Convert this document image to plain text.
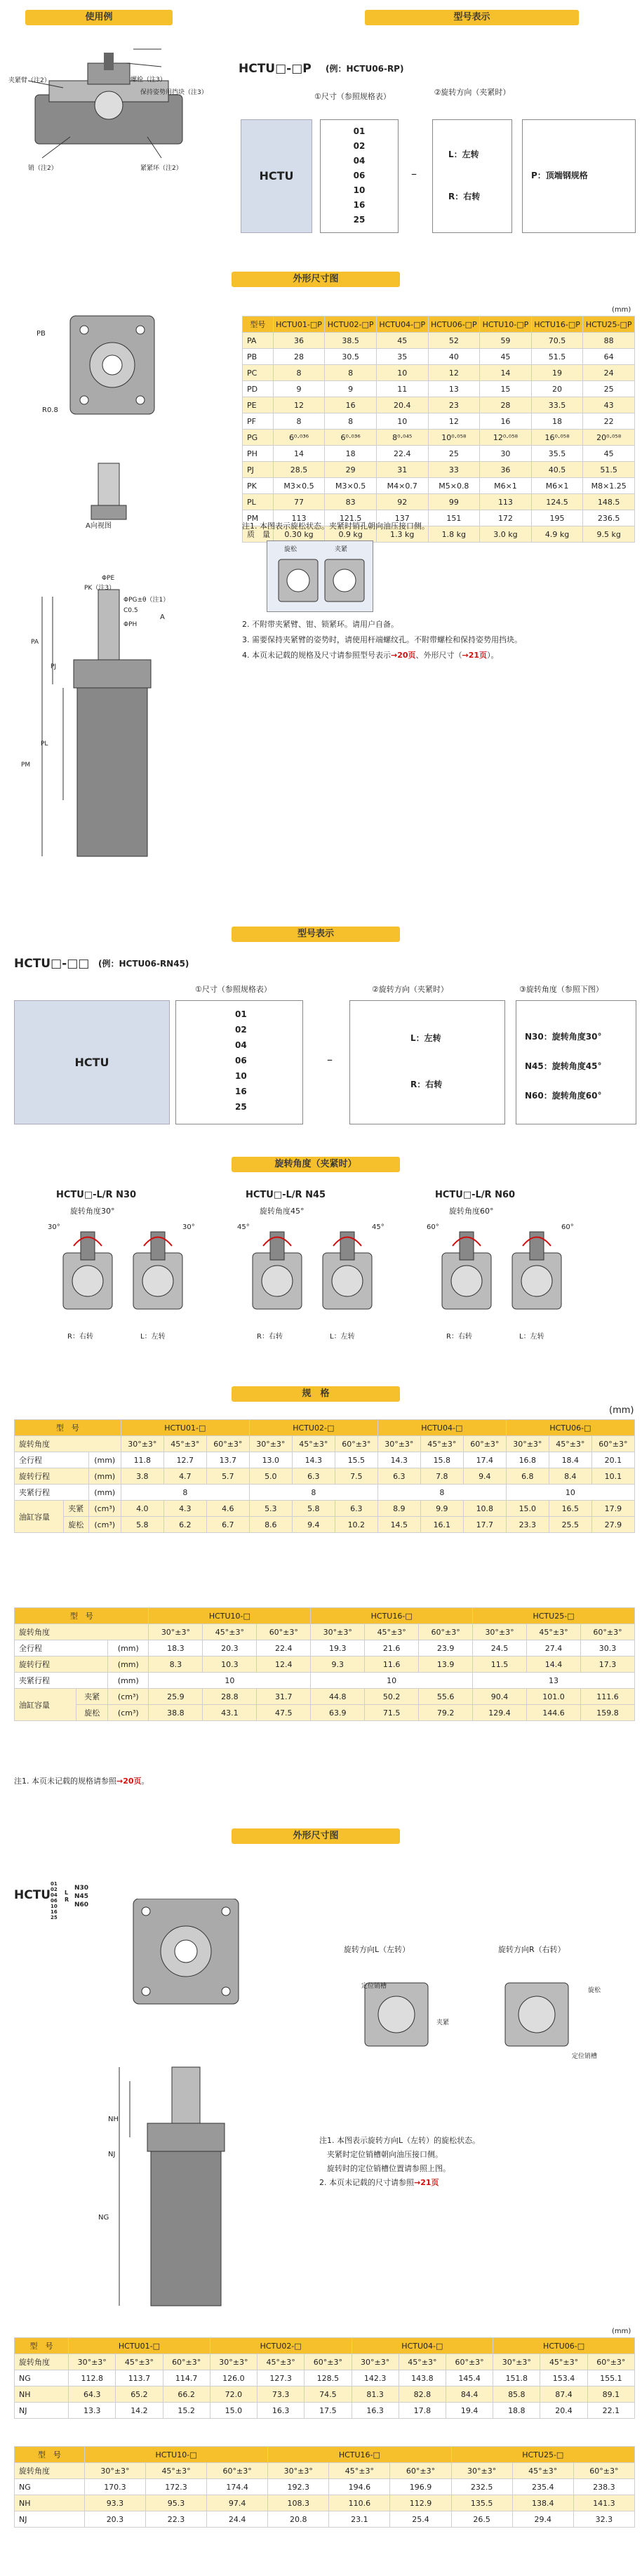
使用例	型号表示
夹紧臂（注2）	螺栓（注3）
保持姿势用挡块（注3）
销（注2）	紧紧环（注2）
HCTU□-□P (例：HCTU06-RP)
①尺寸（参照规格表）	②旋转方向（夹紧时）
HCTU
01
02
04
06
10
16
25
–
L：左转
R：右转
P：顶端钢规格
外形尺寸图
PB
R0.8
A向视图
ΦPE
PK（注3）
ΦPG±θ（注1）
ΦPH
C0.5
A
PA
PJ
PM
PL
(mm)
型号	HCTU01-□P	HCTU02-□P	HCTU04-□P	HCTU06-□P	HCTU10-□P	HCTU16-□P	HCTU25-□P
PA	36	38.5	45	52	59	70.5	88
PB	28	30.5	35	40	45	51.5	64
PC	8	8	10	12	14	19	24
PD	9	9	11	13	15	20	25
PE	12	16	20.4	23	28	33.5	43
PF	8	8	10	12	16	18	22
PG	6⁰·⁰³⁶	6⁰·⁰³⁶	8⁰·⁰⁴⁵	10⁰·⁰⁵⁸	12⁰·⁰⁵⁸	16⁰·⁰⁵⁸	20⁰·⁰⁵⁸
PH	14	18	22.4	25	30	35.5	45
PJ	28.5	29	31	33	36	40.5	51.5
PK	M3×0.5	M3×0.5	M4×0.7	M5×0.8	M6×1	M6×1	M8×1.25
PL	77	83	92	99	113	124.5	148.5
PM	113	121.5	137	151	172	195	236.5
质　量	0.30 kg	0.9 kg	1.3 kg	1.8 kg	3.0 kg	4.9 kg	9.5 kg
注1. 本图表示旋松状态。夹紧时销孔朝向油压接口侧。
旋松	夹紧
2. 不附带夹紧臂、钳、锁紧环。请用户自备。
3. 需要保持夹紧臂的姿势时，请使用杆端螺纹孔。不附带螺栓和保持姿势用挡块。
4. 本页未记载的规格及尺寸请参照型号表示→20页、外形尺寸（→21页）。
型号表示
HCTU□-□□ (例：HCTU06-RN45)
①尺寸（参照规格表）	②旋转方向（夹紧时）	③旋转角度（参照下图）
HCTU
01
02
04
06
10
16
25
–
L：左转
R：右转
N30：旋转角度30°
N45：旋转角度45°
N60：旋转角度60°
旋转角度（夹紧时）
HCTU□-L/R N30
旋转角度30°
30°	30°
R：右转	L：左转
HCTU□-L/R N45
旋转角度45°
45°	45°
R：右转	L：左转
HCTU□-L/R N60
旋转角度60°
60°	60°
R：右转	L：左转
规　格
(mm)
型　号			HCTU01-□			HCTU02-□			HCTU04-□			HCTU06-□		
旋转角度			30°±3°	45°±3°	60°±3°	30°±3°	45°±3°	60°±3°	30°±3°	45°±3°	60°±3°	30°±3°	45°±3°	60°±3°
全行程		(mm)	11.8	12.7	13.7	13.0	14.3	15.5	14.3	15.8	17.4	16.8	18.4	20.1
旋转行程		(mm)	3.8	4.7	5.7	5.0	6.3	7.5	6.3	7.8	9.4	6.8	8.4	10.1
夹紧行程		(mm)	8			8			8			10		
油缸容量	夹紧	(cm³)	4.0	4.3	4.6	5.3	5.8	6.3	8.9	9.9	10.8	15.0	16.5	17.9
	旋松	(cm³)	5.8	6.2	6.7	8.6	9.4	10.2	14.5	16.1	17.7	23.3	25.5	27.9
型　号			HCTU10-□			HCTU16-□			HCTU25-□		
旋转角度			30°±3°	45°±3°	60°±3°	30°±3°	45°±3°	60°±3°	30°±3°	45°±3°	60°±3°
全行程		(mm)	18.3	20.3	22.4	19.3	21.6	23.9	24.5	27.4	30.3
旋转行程		(mm)	8.3	10.3	12.4	9.3	11.6	13.9	11.5	14.4	17.3
夹紧行程		(mm)	10			10			13		
油缸容量	夹紧	(cm³)	25.9	28.8	31.7	44.8	50.2	55.6	90.4	101.0	111.6
	旋松	(cm³)	38.8	43.1	47.5	63.9	71.5	79.2	129.4	144.6	159.8
注1. 本页未记载的规格请参照→20页。
外形尺寸图
HCTU
01
02
04
06
10
16
25
L
R
N30
N45
N60
NH
NJ
NG
旋转方向L（左转）	旋转方向R（右转）
定位销槽
夹紧
旋松
定位销槽
注1. 本图表示旋转方向L（左转）的旋松状态。
　夹紧时定位销槽朝向油压接口侧。
　旋转时的定位销槽位置请参照上图。
2. 本页未记载的尺寸请参照→21页
(mm)
型　号	HCTU01-□			HCTU02-□			HCTU04-□			HCTU06-□		
旋转角度	30°±3°	45°±3°	60°±3°	30°±3°	45°±3°	60°±3°	30°±3°	45°±3°	60°±3°	30°±3°	45°±3°	60°±3°
NG	112.8	113.7	114.7	126.0	127.3	128.5	142.3	143.8	145.4	151.8	153.4	155.1
NH	64.3	65.2	66.2	72.0	73.3	74.5	81.3	82.8	84.4	85.8	87.4	89.1
NJ	13.3	14.2	15.2	15.0	16.3	17.5	16.3	17.8	19.4	18.8	20.4	22.1
型　号	HCTU10-□			HCTU16-□			HCTU25-□		
旋转角度	30°±3°	45°±3°	60°±3°	30°±3°	45°±3°	60°±3°	30°±3°	45°±3°	60°±3°
NG	170.3	172.3	174.4	192.3	194.6	196.9	232.5	235.4	238.3
NH	93.3	95.3	97.4	108.3	110.6	112.9	135.5	138.4	141.3
NJ	20.3	22.3	24.4	20.8	23.1	25.4	26.5	29.4	32.3
